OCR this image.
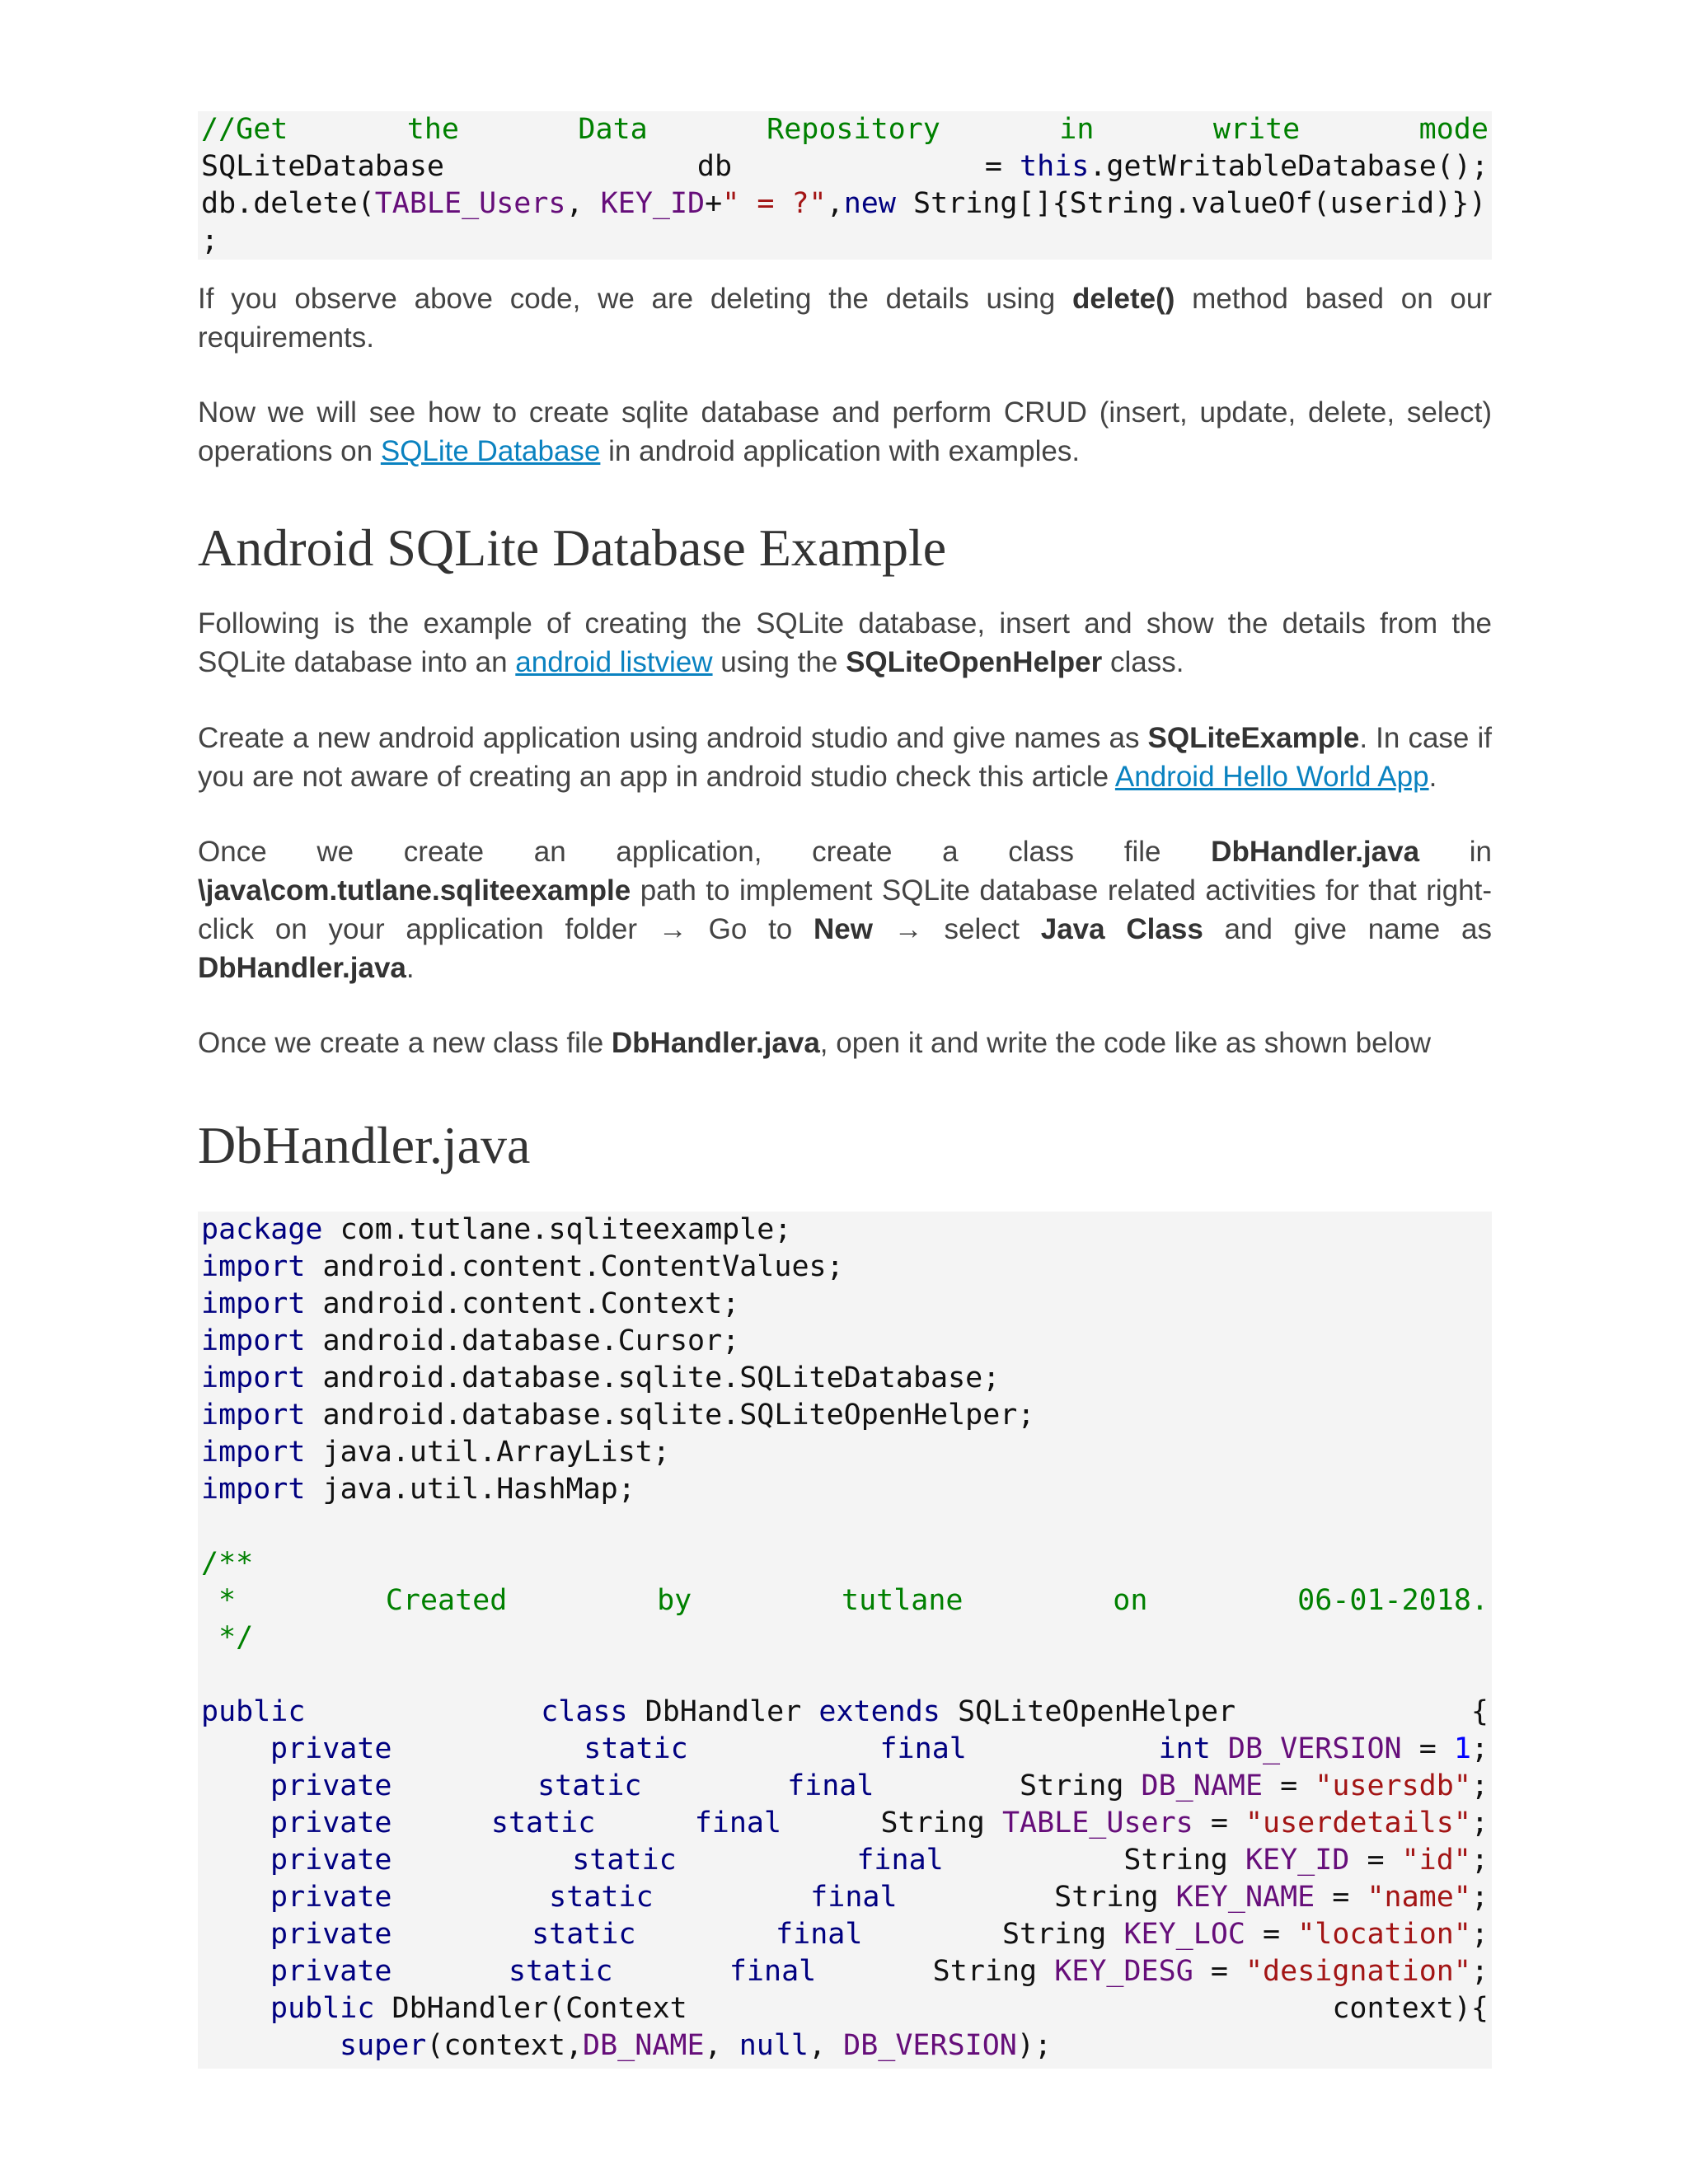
//Get	the	Data	Repository	in	write	mode
SQLiteDatabase	db	= this.getWritableDatabase();
db.delete(TABLE_Users, KEY_ID+" = ?",new String[]{String.valueOf(userid)})
;
If you observe above code, we are deleting the details using delete() method based on our requirements.
Now we will see how to create sqlite database and perform CRUD (insert, update, delete, select) operations on SQLite Database in android application with examples.
Android SQLite Database Example
Following is the example of creating the SQLite database, insert and show the details from the SQLite database into an android listview using the SQLiteOpenHelper class.
Create a new android application using android studio and give names as SQLiteExample. In case if you are not aware of creating an app in android studio check this article Android Hello World App.
Once we create an application, create a class file DbHandler.java in \java\com.tutlane.sqliteexample path to implement SQLite database related activities for that right-click on your application folder → Go to New → select Java Class and give name as DbHandler.java.
Once we create a new class file DbHandler.java, open it and write the code like as shown below
DbHandler.java
package com.tutlane.sqliteexample;
import android.content.ContentValues;
import android.content.Context;
import android.database.Cursor;
import android.database.sqlite.SQLiteDatabase;
import android.database.sqlite.SQLiteOpenHelper;
import java.util.ArrayList;
import java.util.HashMap;
/**
*	Created	by	tutlane	on	06-01-2018.
*/
public	class DbHandler extends SQLiteOpenHelper	{
private	static	final	int DB_VERSION = 1;
private	static	final	String DB_NAME = "usersdb";
private	static	final	String TABLE_Users = "userdetails";
private	static	final	String KEY_ID = "id";
private	static	final	String KEY_NAME = "name";
private	static	final	String KEY_LOC = "location";
private	static	final	String KEY_DESG = "designation";
public DbHandler(Context	context){
super(context,DB_NAME, null, DB_VERSION);
